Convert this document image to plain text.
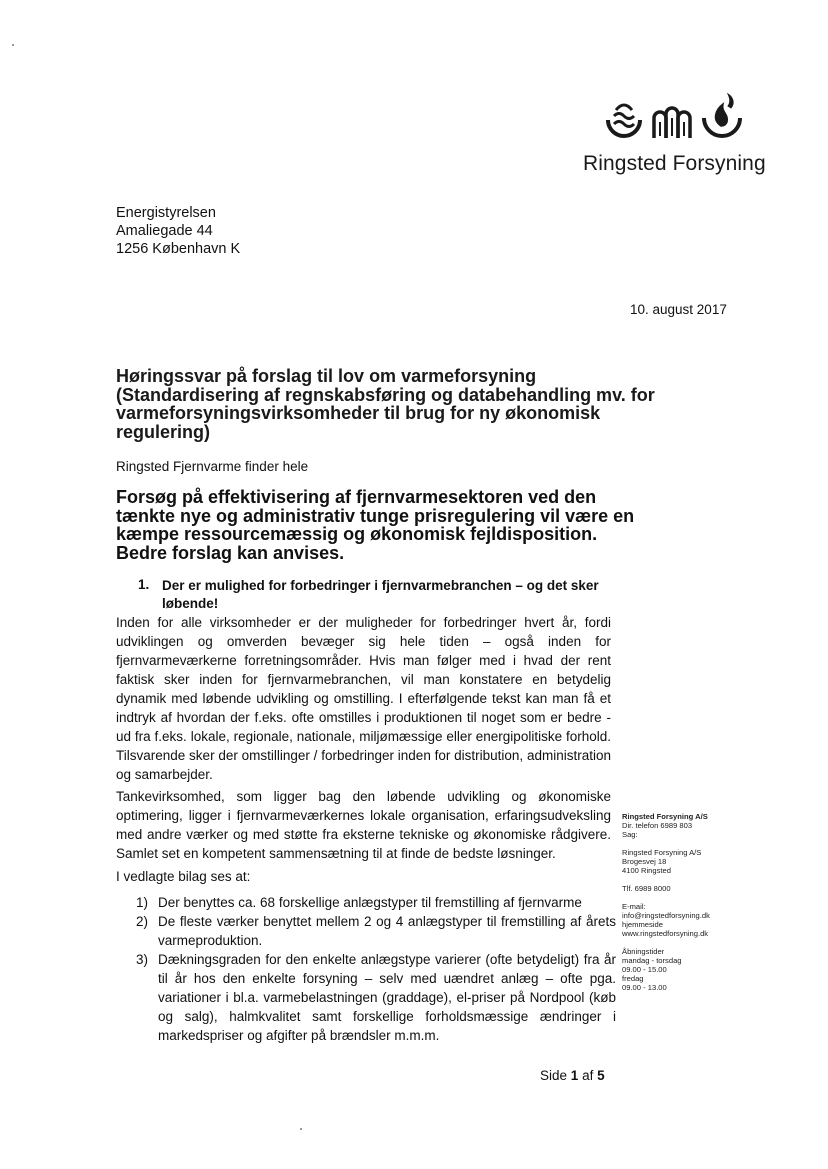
Ringsted Forsyning
Energistyrelsen
Amaliegade 44
1256 København K
10. august 2017
Høringssvar på forslag til lov om varmeforsyning (Standardisering af regnskabsføring og databehandling mv. for varmeforsyningsvirksomheder til brug for ny økonomisk regulering)
Ringsted Fjernvarme finder hele
Forsøg på effektivisering af fjernvarmesektoren ved den tænkte nye og administrativ tunge prisregulering vil være en kæmpe ressourcemæssig og økonomisk fejldisposition. Bedre forslag kan anvises.
1. Der er mulighed for forbedringer i fjernvarmebranchen – og det sker løbende!
Inden for alle virksomheder er der muligheder for forbedringer hvert år, fordi udviklingen og omverden bevæger sig hele tiden – også inden for fjernvarmeværkerne forretningsområder. Hvis man følger med i hvad der rent faktisk sker inden for fjernvarmebranchen, vil man konstatere en betydelig dynamik med løbende udvikling og omstilling. I efterfølgende tekst kan man få et indtryk af hvordan der f.eks. ofte omstilles i produktionen til noget som er bedre - ud fra f.eks. lokale, regionale, nationale, miljømæssige eller energipolitiske forhold. Tilsvarende sker der omstillinger / forbedringer inden for distribution, administration og samarbejder.
Tankevirksomhed, som ligger bag den løbende udvikling og økonomiske optimering, ligger i fjernvarmeværkernes lokale organisation, erfaringsudveksling med andre værker og med støtte fra eksterne tekniske og økonomiske rådgivere. Samlet set en kompetent sammensætning til at finde de bedste løsninger.
I vedlagte bilag ses at:
1) Der benyttes ca. 68 forskellige anlægstyper til fremstilling af fjernvarme
2) De fleste værker benyttet mellem 2 og 4 anlægstyper til fremstilling af årets varmeproduktion.
3) Dækningsgraden for den enkelte anlægstype varierer (ofte betydeligt) fra år til år hos den enkelte forsyning – selv med uændret anlæg – ofte pga. variationer i bl.a. varmebelastningen (graddage), el-priser på Nordpool (køb og salg), halmkvalitet samt forskellige forholdsmæssige ændringer i markedspriser og afgifter på brændsler m.m.m.
Ringsted Forsyning A/S
Dir. telefon 6989 803
Sag:
Ringsted Forsyning A/S
Brogesvej 18
4100 Ringsted
Tlf. 6989 8000
E-mail:
info@ringstedforsyning.dk
hjemmeside
www.ringstedforsyning.dk
Åbningstider
mandag - torsdag
09.00 - 15.00
fredag
09.00 - 13.00
Side 1 af 5
